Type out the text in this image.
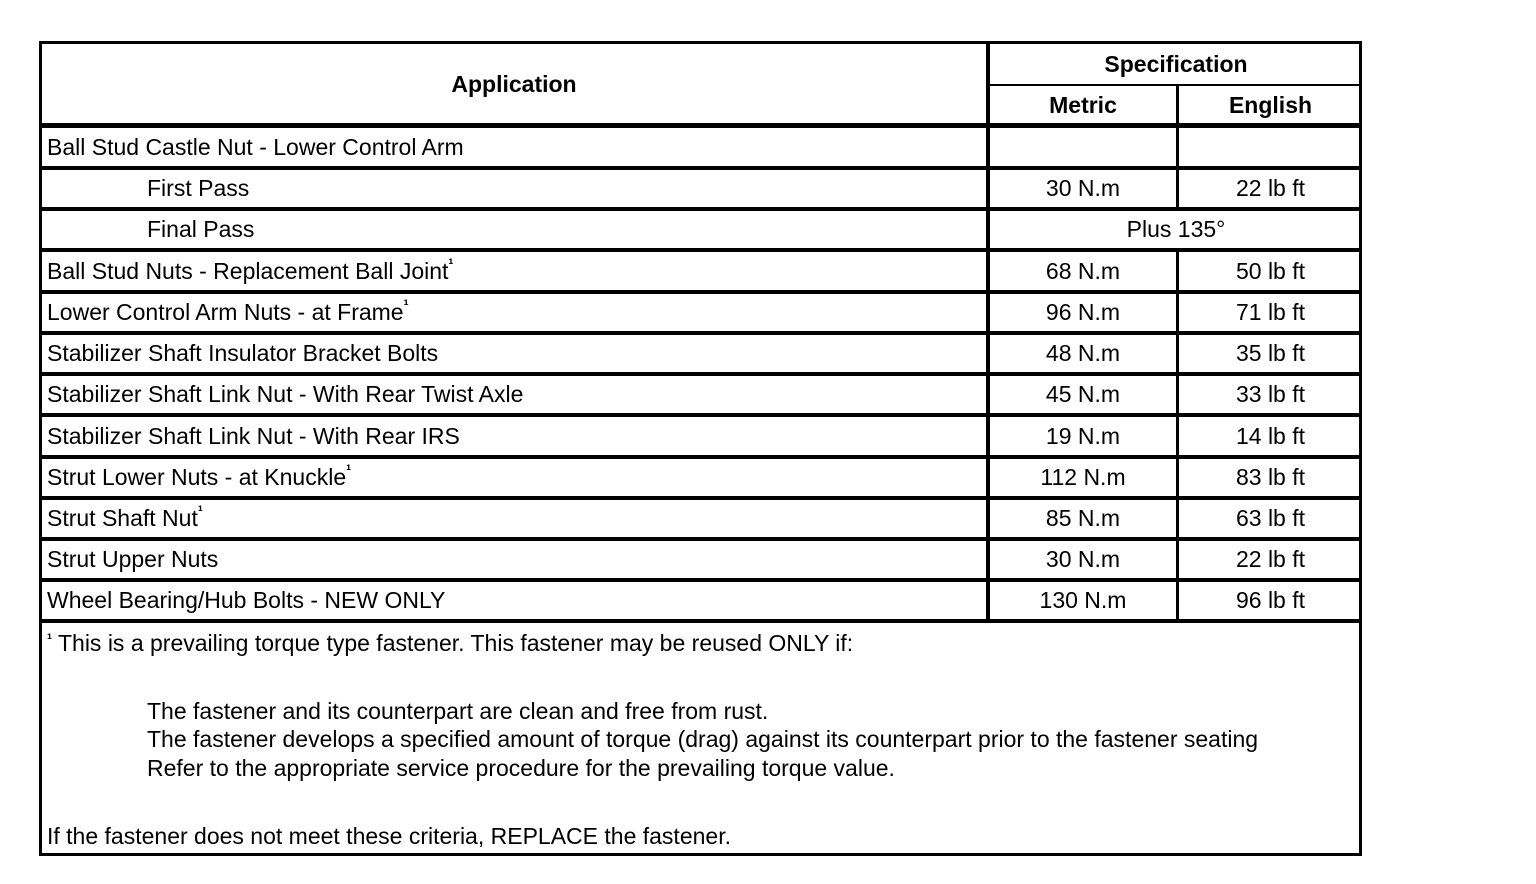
Application
Specification
Metric	English
Ball Stud Castle Nut - Lower Control Arm
First Pass	30 N.m	22 lb ft
Final Pass	Plus 135°
Ball Stud Nuts - Replacement Ball Joint ¹	68 N.m	50 lb ft
Lower Control Arm Nuts - at Frame ¹	96 N.m	71 lb ft
Stabilizer Shaft Insulator Bracket Bolts	48 N.m	35 lb ft
Stabilizer Shaft Link Nut - With Rear Twist Axle	45 N.m	33 lb ft
Stabilizer Shaft Link Nut - With Rear IRS	19 N.m	14 lb ft
Strut Lower Nuts - at Knuckle ¹	112 N.m	83 lb ft
Strut Shaft Nut ¹	85 N.m	63 lb ft
Strut Upper Nuts	30 N.m	22 lb ft
Wheel Bearing/Hub Bolts - NEW ONLY	130 N.m	96 lb ft
$^{^1}$ This is a prevailing torque type fastener. This fastener may be reused ONLY if:
The fastener and its counterpart are clean and free from rust.
The fastener develops a specified amount of torque (drag) against its counterpart prior to the fastener seating
Refer to the appropriate service procedure for the prevailing torque value.
If the fastener does not meet these criteria, REPLACE the fastener.
